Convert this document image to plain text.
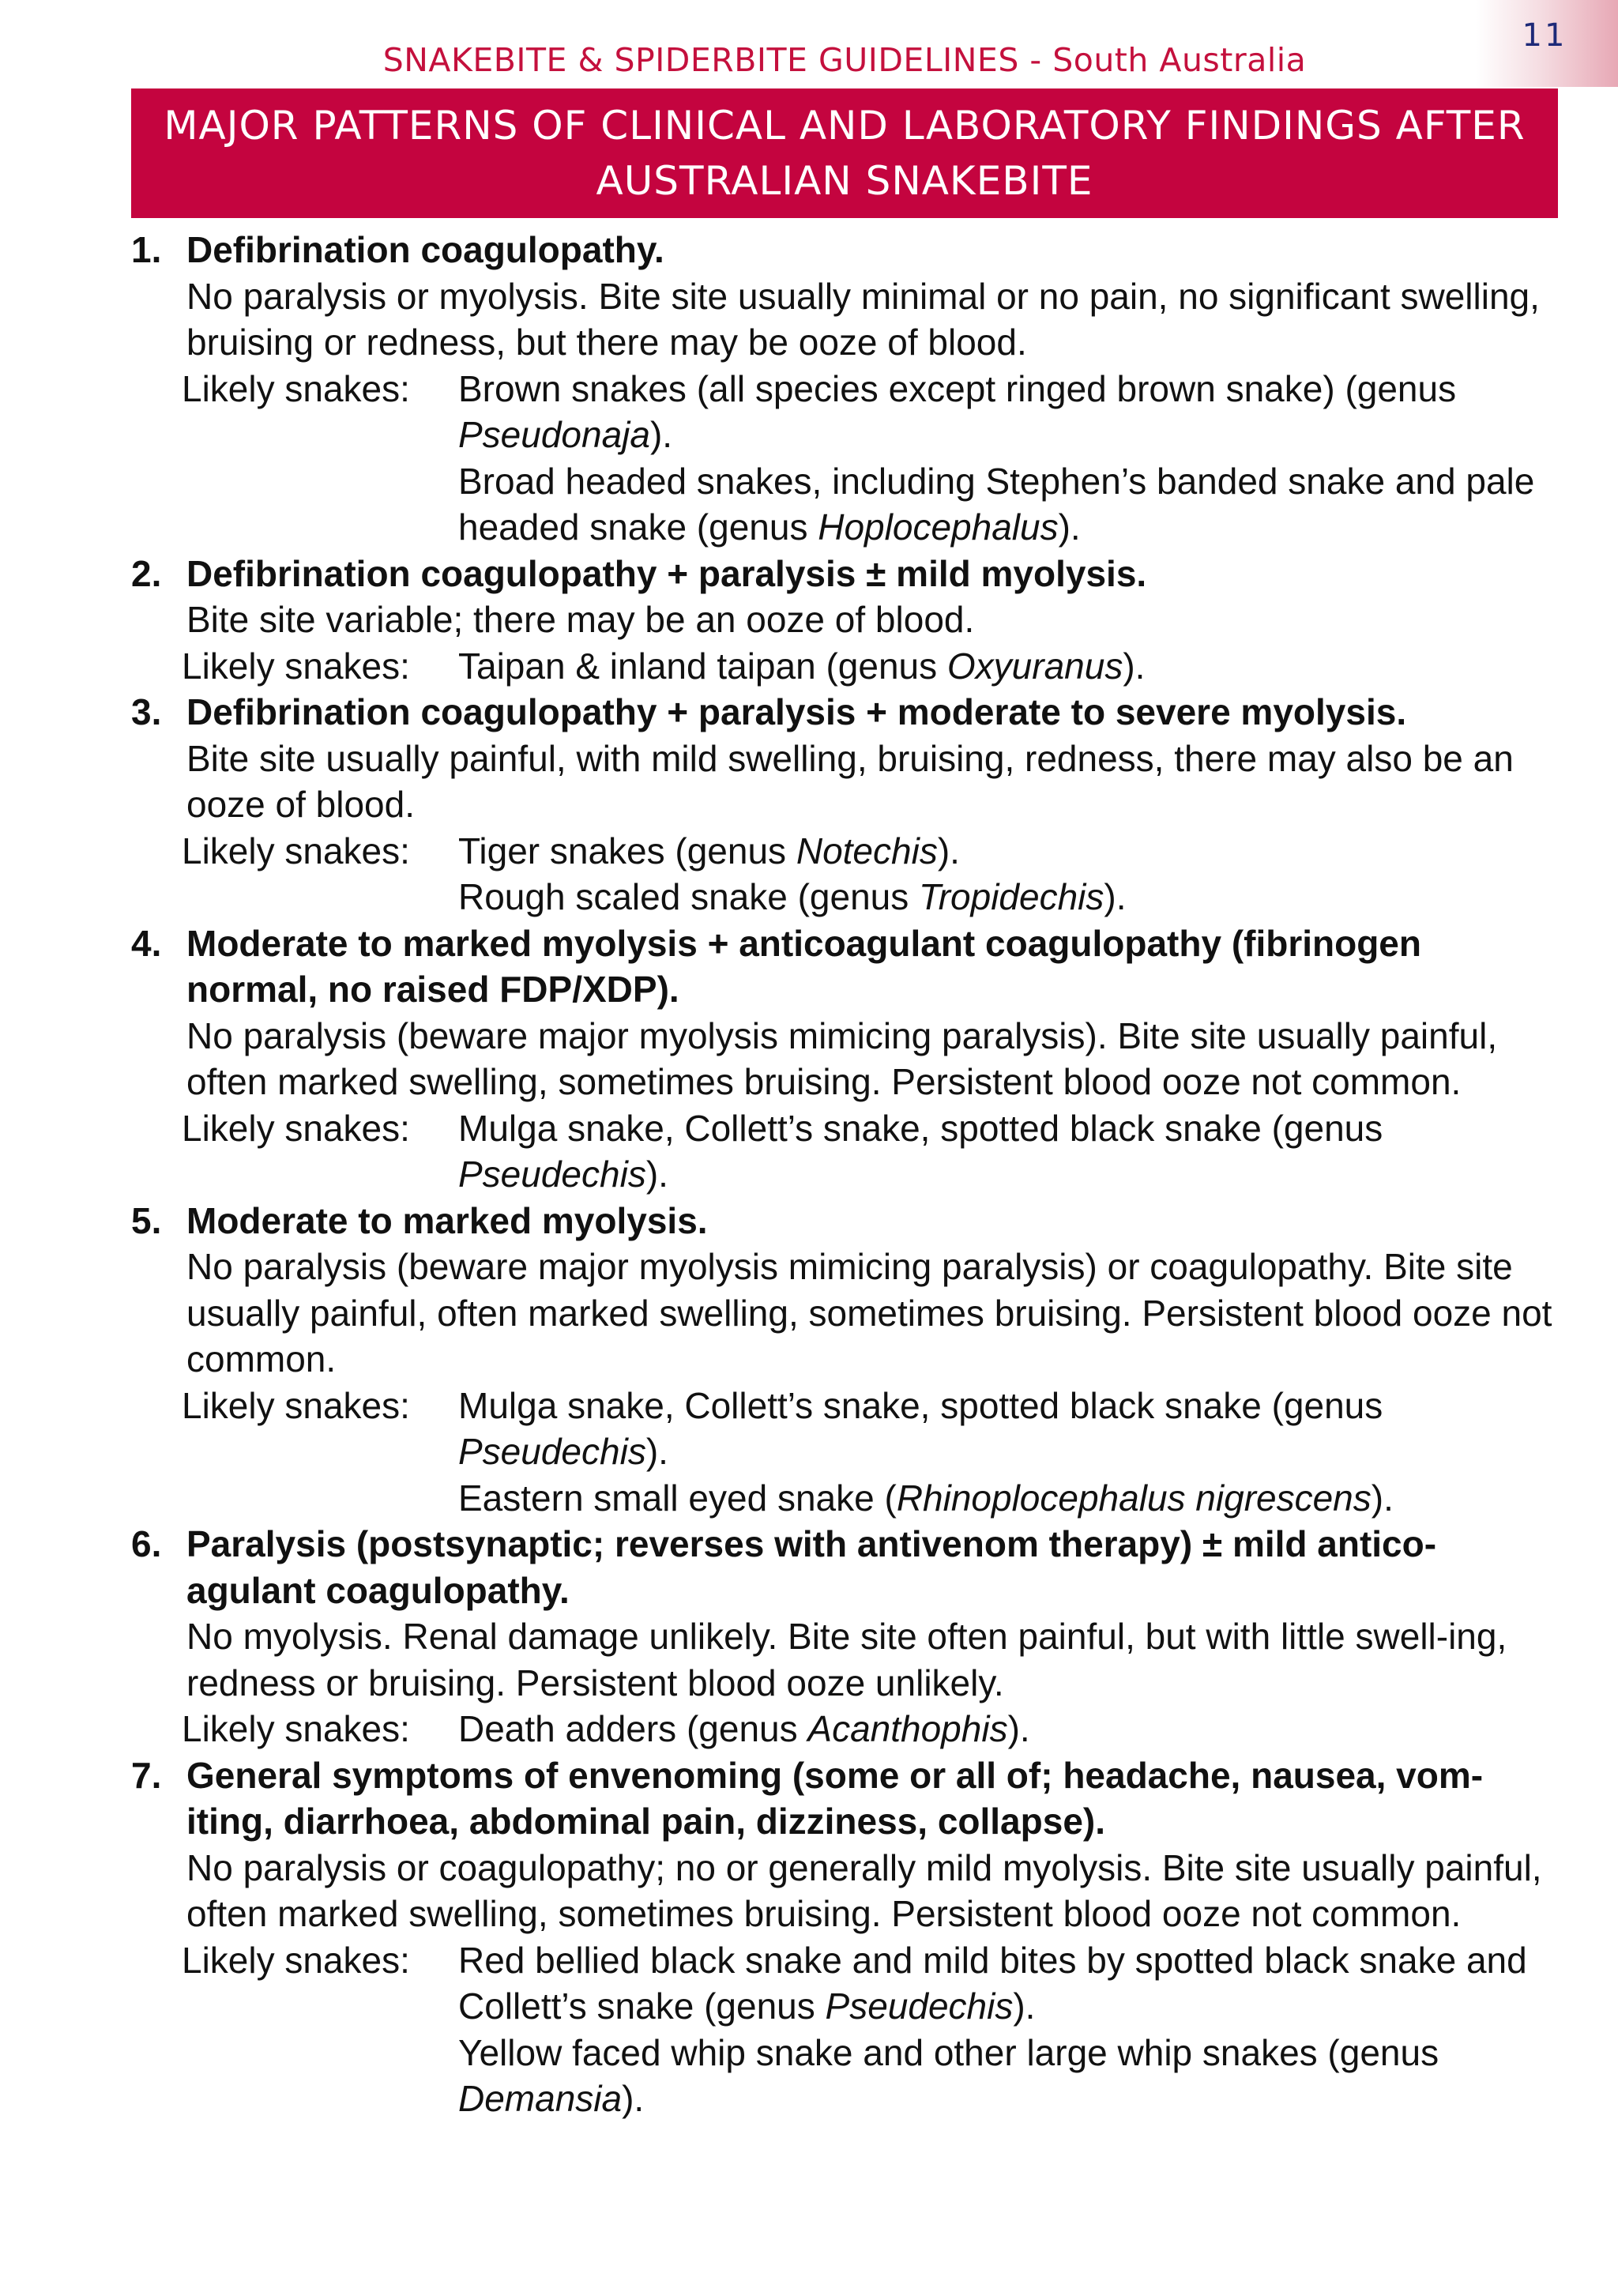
11
SNAKEBITE & SPIDERBITE GUIDELINES - South Australia
MAJOR PATTERNS OF CLINICAL AND LABORATORY FINDINGS AFTER
AUSTRALIAN SNAKEBITE
1. Defibrination coagulopathy.
No paralysis or myolysis. Bite site usually minimal or no pain, no significant swelling, bruising or redness, but there may be ooze of blood.
Likely snakes:	Brown snakes (all species except ringed brown snake) (genus Pseudonaja).
Broad headed snakes, including Stephen’s banded snake and pale headed snake (genus Hoplocephalus).
2. Defibrination coagulopathy + paralysis ± mild myolysis.
Bite site variable; there may be an ooze of blood.
Likely snakes:	Taipan & inland taipan (genus Oxyuranus).
3. Defibrination coagulopathy + paralysis + moderate to severe myolysis.
Bite site usually painful, with mild swelling, bruising, redness, there may also be an ooze of blood.
Likely snakes:	Tiger snakes (genus Notechis).
Rough scaled snake (genus Tropidechis).
4. Moderate to marked myolysis + anticoagulant coagulopathy (fibrinogen normal, no raised FDP/XDP).
No paralysis (beware major myolysis mimicing paralysis). Bite site usually painful, often marked swelling, sometimes bruising. Persistent blood ooze not common.
Likely snakes:	Mulga snake, Collett’s snake, spotted black snake (genus Pseudechis).
5. Moderate to marked myolysis.
No paralysis (beware major myolysis mimicing paralysis) or coagulopathy. Bite site usually painful, often marked swelling, sometimes bruising. Persistent blood ooze not common.
Likely snakes:	Mulga snake, Collett’s snake, spotted black snake (genus Pseudechis).
Eastern small eyed snake (Rhinoplocephalus nigrescens).
6. Paralysis (postsynaptic; reverses with antivenom therapy) ± mild antico-agulant coagulopathy.
No myolysis. Renal damage unlikely. Bite site often painful, but with little swell-ing, redness or bruising. Persistent blood ooze unlikely.
Likely snakes:	Death adders (genus Acanthophis).
7. General symptoms of envenoming (some or all of; headache, nausea, vom-iting, diarrhoea, abdominal pain, dizziness, collapse).
No paralysis or coagulopathy; no or generally mild myolysis. Bite site usually painful, often marked swelling, sometimes bruising. Persistent blood ooze not common.
Likely snakes:	Red bellied black snake and mild bites by spotted black snake and Collett’s snake (genus Pseudechis).
Yellow faced whip snake and other large whip snakes (genus Demansia).
